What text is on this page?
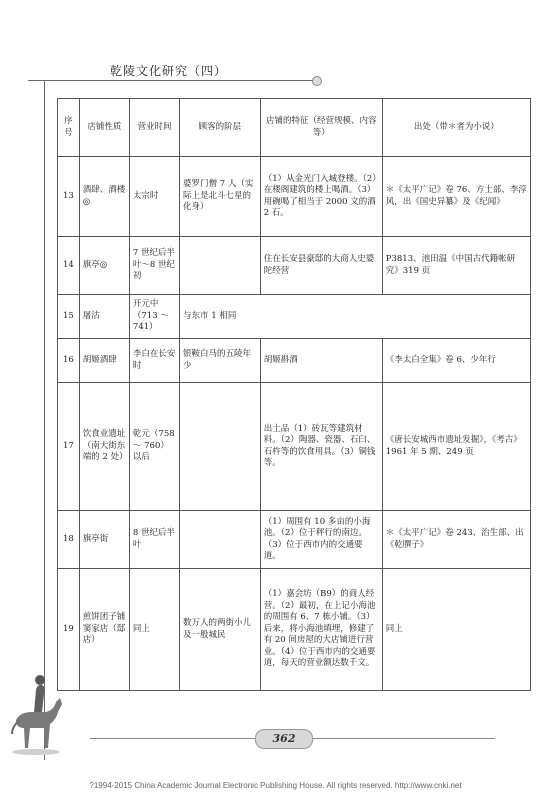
乾陵文化研究（四）
序号	店铺性质	营业时间	顾客的阶层	店铺的特征（经营规模、内容等）	出处（带＊者为小说）
13	酒肆、酒楼◎	太宗时	婆罗门僧 7 人（实际上是北斗七星的化身）	（1）从金光门入城登楼。（2）在楼阁建筑的楼上喝酒。（3）用碗喝了相当于 2000 文的酒 2 石。	＊《太平广记》卷 76、方士部、李淳风，出《国史异纂》及《纪闻》
14	旗亭◎	7 世纪后半叶～8 世纪初		住在长安县豪邸的大商人史婆陀经营	P3813、池田温《中国古代籍帐研究》319 页
15	屠沽	开元中（713 ～ 741）	与东市 1 相同		
16	胡姬酒肆	李白在长安时	银鞍白马的五陵年少	胡姬斟酒	《李太白全集》卷 6、少年行
17	饮食业遗址（南大街东端的 2 处）	乾元（758 ～ 760）以后		出土品（1）砖瓦等建筑材料。（2）陶器、瓷器、石臼、石杵等的饮食用具。（3）铜钱等。	《唐长安城西市遗址发掘》，《考古》1961 年 5 期、249 页
18	旗亭街	8 世纪后半叶		（1）周围有 10 多亩的小海池。（2）位于秤行的南边。（3）位于西市内的交通要道。	＊《太平广记》卷 243、治生部、出《乾𦠆子》
19	煎饼团子铺窦家店（邸店）	同上	数万人的两街小儿及一般城民	（1）嘉会坊（B9）的商人经营。（2）最初，在上记小海池的周围有 6、7 栋小铺。（3）后来，将小海池填埋，修建了有 20 间房屋的大店铺进行营业。（4）位于西市内的交通要道，每天的营业额达数千文。	同上
362
?1994-2015 China Academic Journal Electronic Publishing House. All rights reserved. http://www.cnki.net
